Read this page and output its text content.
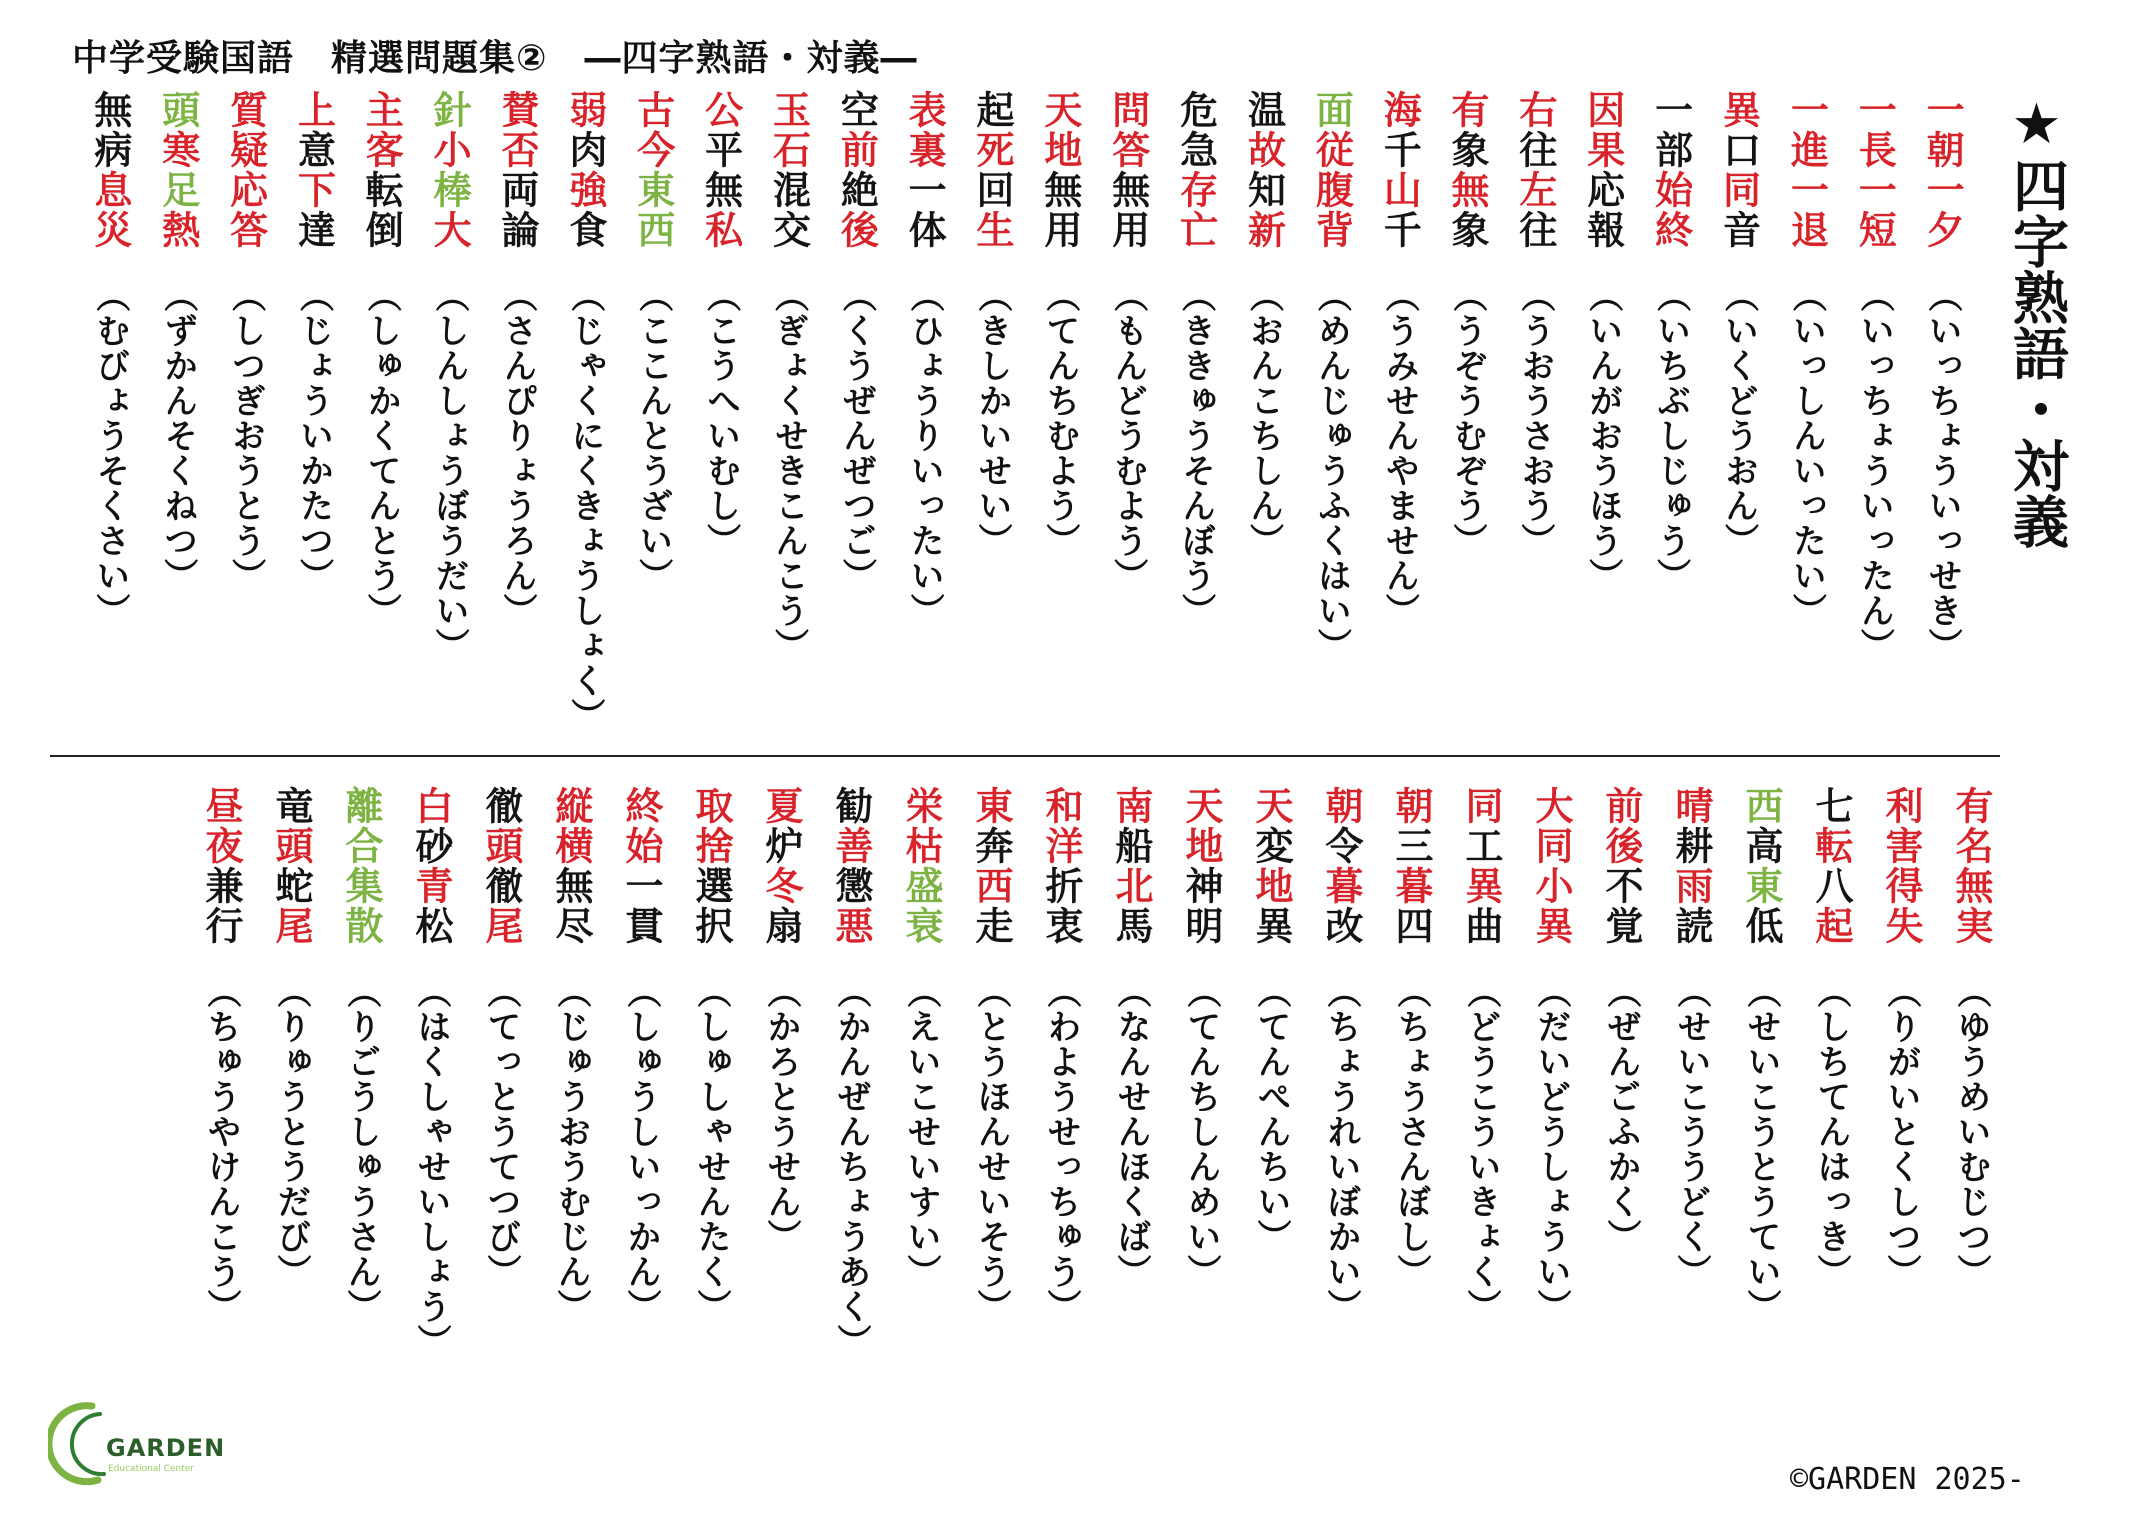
中学受験国語　 精選問題集②　 ―四字熟語・対義―
★四字熟語・対義
一朝一夕
（いっちょういっせき）
一長一短
（いっちょういったん）
一進一退
（いっしんいったい）
異口同音
（いくどうおん）
一部始終
（いちぶしじゅう）
因果応報
（いんがおうほう）
右往左往
（うおうさおう）
有象無象
（うぞうむぞう）
海千山千
（うみせんやません）
面従腹背
（めんじゅうふくはい）
温故知新
（おんこちしん）
危急存亡
（ききゅうそんぼう）
問答無用
（もんどうむよう）
天地無用
（てんちむよう）
起死回生
（きしかいせい）
表裏一体
（ひょうりいったい）
空前絶後
（くうぜんぜつご）
玉石混交
（ぎょくせきこんこう）
公平無私
（こうへいむし）
古今東西
（ここんとうざい）
弱肉強食
（じゃくにくきょうしょく）
賛否両論
（さんぴりょうろん）
針小棒大
（しんしょうぼうだい）
主客転倒
（しゅかくてんとう）
上意下達
（じょういかたつ）
質疑応答
（しつぎおうとう）
頭寒足熱
（ずかんそくねつ）
無病息災
（むびょうそくさい）
有名無実
（ゆうめいむじつ）
利害得失
（りがいとくしつ）
七転八起
（しちてんはっき）
西高東低
（せいこうとうてい）
晴耕雨読
（せいこううどく）
前後不覚
（ぜんごふかく）
大同小異
（だいどうしょうい）
同工異曲
（どうこういきょく）
朝三暮四
（ちょうさんぼし）
朝令暮改
（ちょうれいぼかい）
天変地異
（てんぺんちい）
天地神明
（てんちしんめい）
南船北馬
（なんせんほくば）
和洋折衷
（わようせっちゅう）
東奔西走
（とうほんせいそう）
栄枯盛衰
（えいこせいすい）
勧善懲悪
（かんぜんちょうあく）
夏炉冬扇
（かろとうせん）
取捨選択
（しゅしゃせんたく）
終始一貫
（しゅうしいっかん）
縦横無尽
（じゅうおうむじん）
徹頭徹尾
（てっとうてつび）
白砂青松
（はくしゃせいしょう）
離合集散
（りごうしゅうさん）
竜頭蛇尾
（りゅうとうだび）
昼夜兼行
（ちゅうやけんこう）
GARDEN
Educational Center	©GARDEN 2025-
